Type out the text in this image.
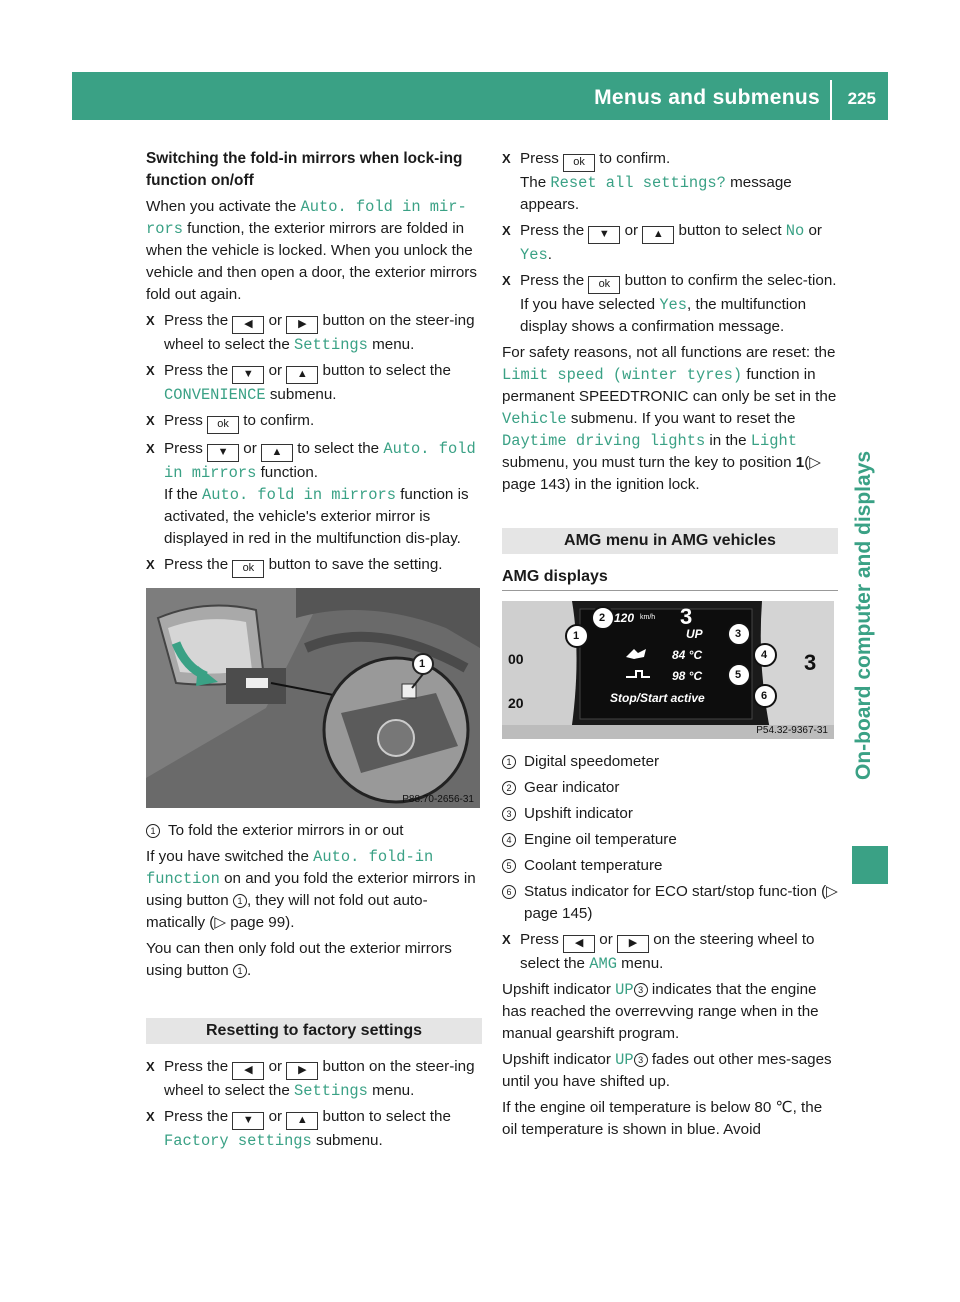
Menus and submenus 225
On-board computer and displays

Switching the fold-in mirrors when lock-ing function on/off

When you activate the Auto. fold in mir‐rors function, the exterior mirrors are folded in when the vehicle is locked. When you unlock the vehicle and then open a door, the exterior mirrors fold out again.

X Press the ◀ or ▶ button on the steer-ing wheel to select the Settings menu.
X Press the ▼ or ▲ button to select the CONVENIENCE submenu.
X Press ok to confirm.
X Press ▼ or ▲ to select the Auto. fold in mirrors function.
If the Auto. fold in mirrors function is activated, the vehicle's exterior mirror is displayed in red in the multifunction dis-play.
X Press the ok button to save the setting.
1
P88.70-2656-31
1 To fold the exterior mirrors in or out

If you have switched the Auto. fold-in function on and you fold the exterior mirrors in using button 1 , they will not fold out auto-matically (▷ page 99).

You can then only fold out the exterior mirrors using button 1 .

Resetting to factory settings
X Press the ◀ or ▶ button on the steer-ing wheel to select the Settings menu.
X Press the ▼ or ▲ button to select the Factory settings submenu.
X Press ok to confirm.
The Reset all settings? message appears.
X Press the ▼ or ▲ button to select No or Yes.
X Press the ok button to confirm the selec-tion.
If you have selected Yes, the multifunction display shows a confirmation message.

For safety reasons, not all functions are reset: the Limit speed (winter tyres) function in permanent SPEEDTRONIC can only be set in the Vehicle submenu. If you want to reset the Daytime driving lights in the Light submenu, you must turn the key to position 1(▷ page 143) in the ignition lock.

AMG menu in AMG vehicles
AMG displays
120 km/h 3
UP
84 °C
98 °C
Stop/Start active
3
00
20
1
2
3
4
5
6
P54.32-9367-31
1 Digital speedometer
2 Gear indicator
3 Upshift indicator
4 Engine oil temperature
5 Coolant temperature
6 Status indicator for ECO start/stop func-tion (▷ page 145)
X Press ◀ or ▶ on the steering wheel to select the AMG menu.

Upshift indicator UP 3 indicates that the engine has reached the overrevving range when in the manual gearshift program.

Upshift indicator UP 3 fades out other mes-sages until you have shifted up.

If the engine oil temperature is below 80 ℃, the oil temperature is shown in blue. Avoid
